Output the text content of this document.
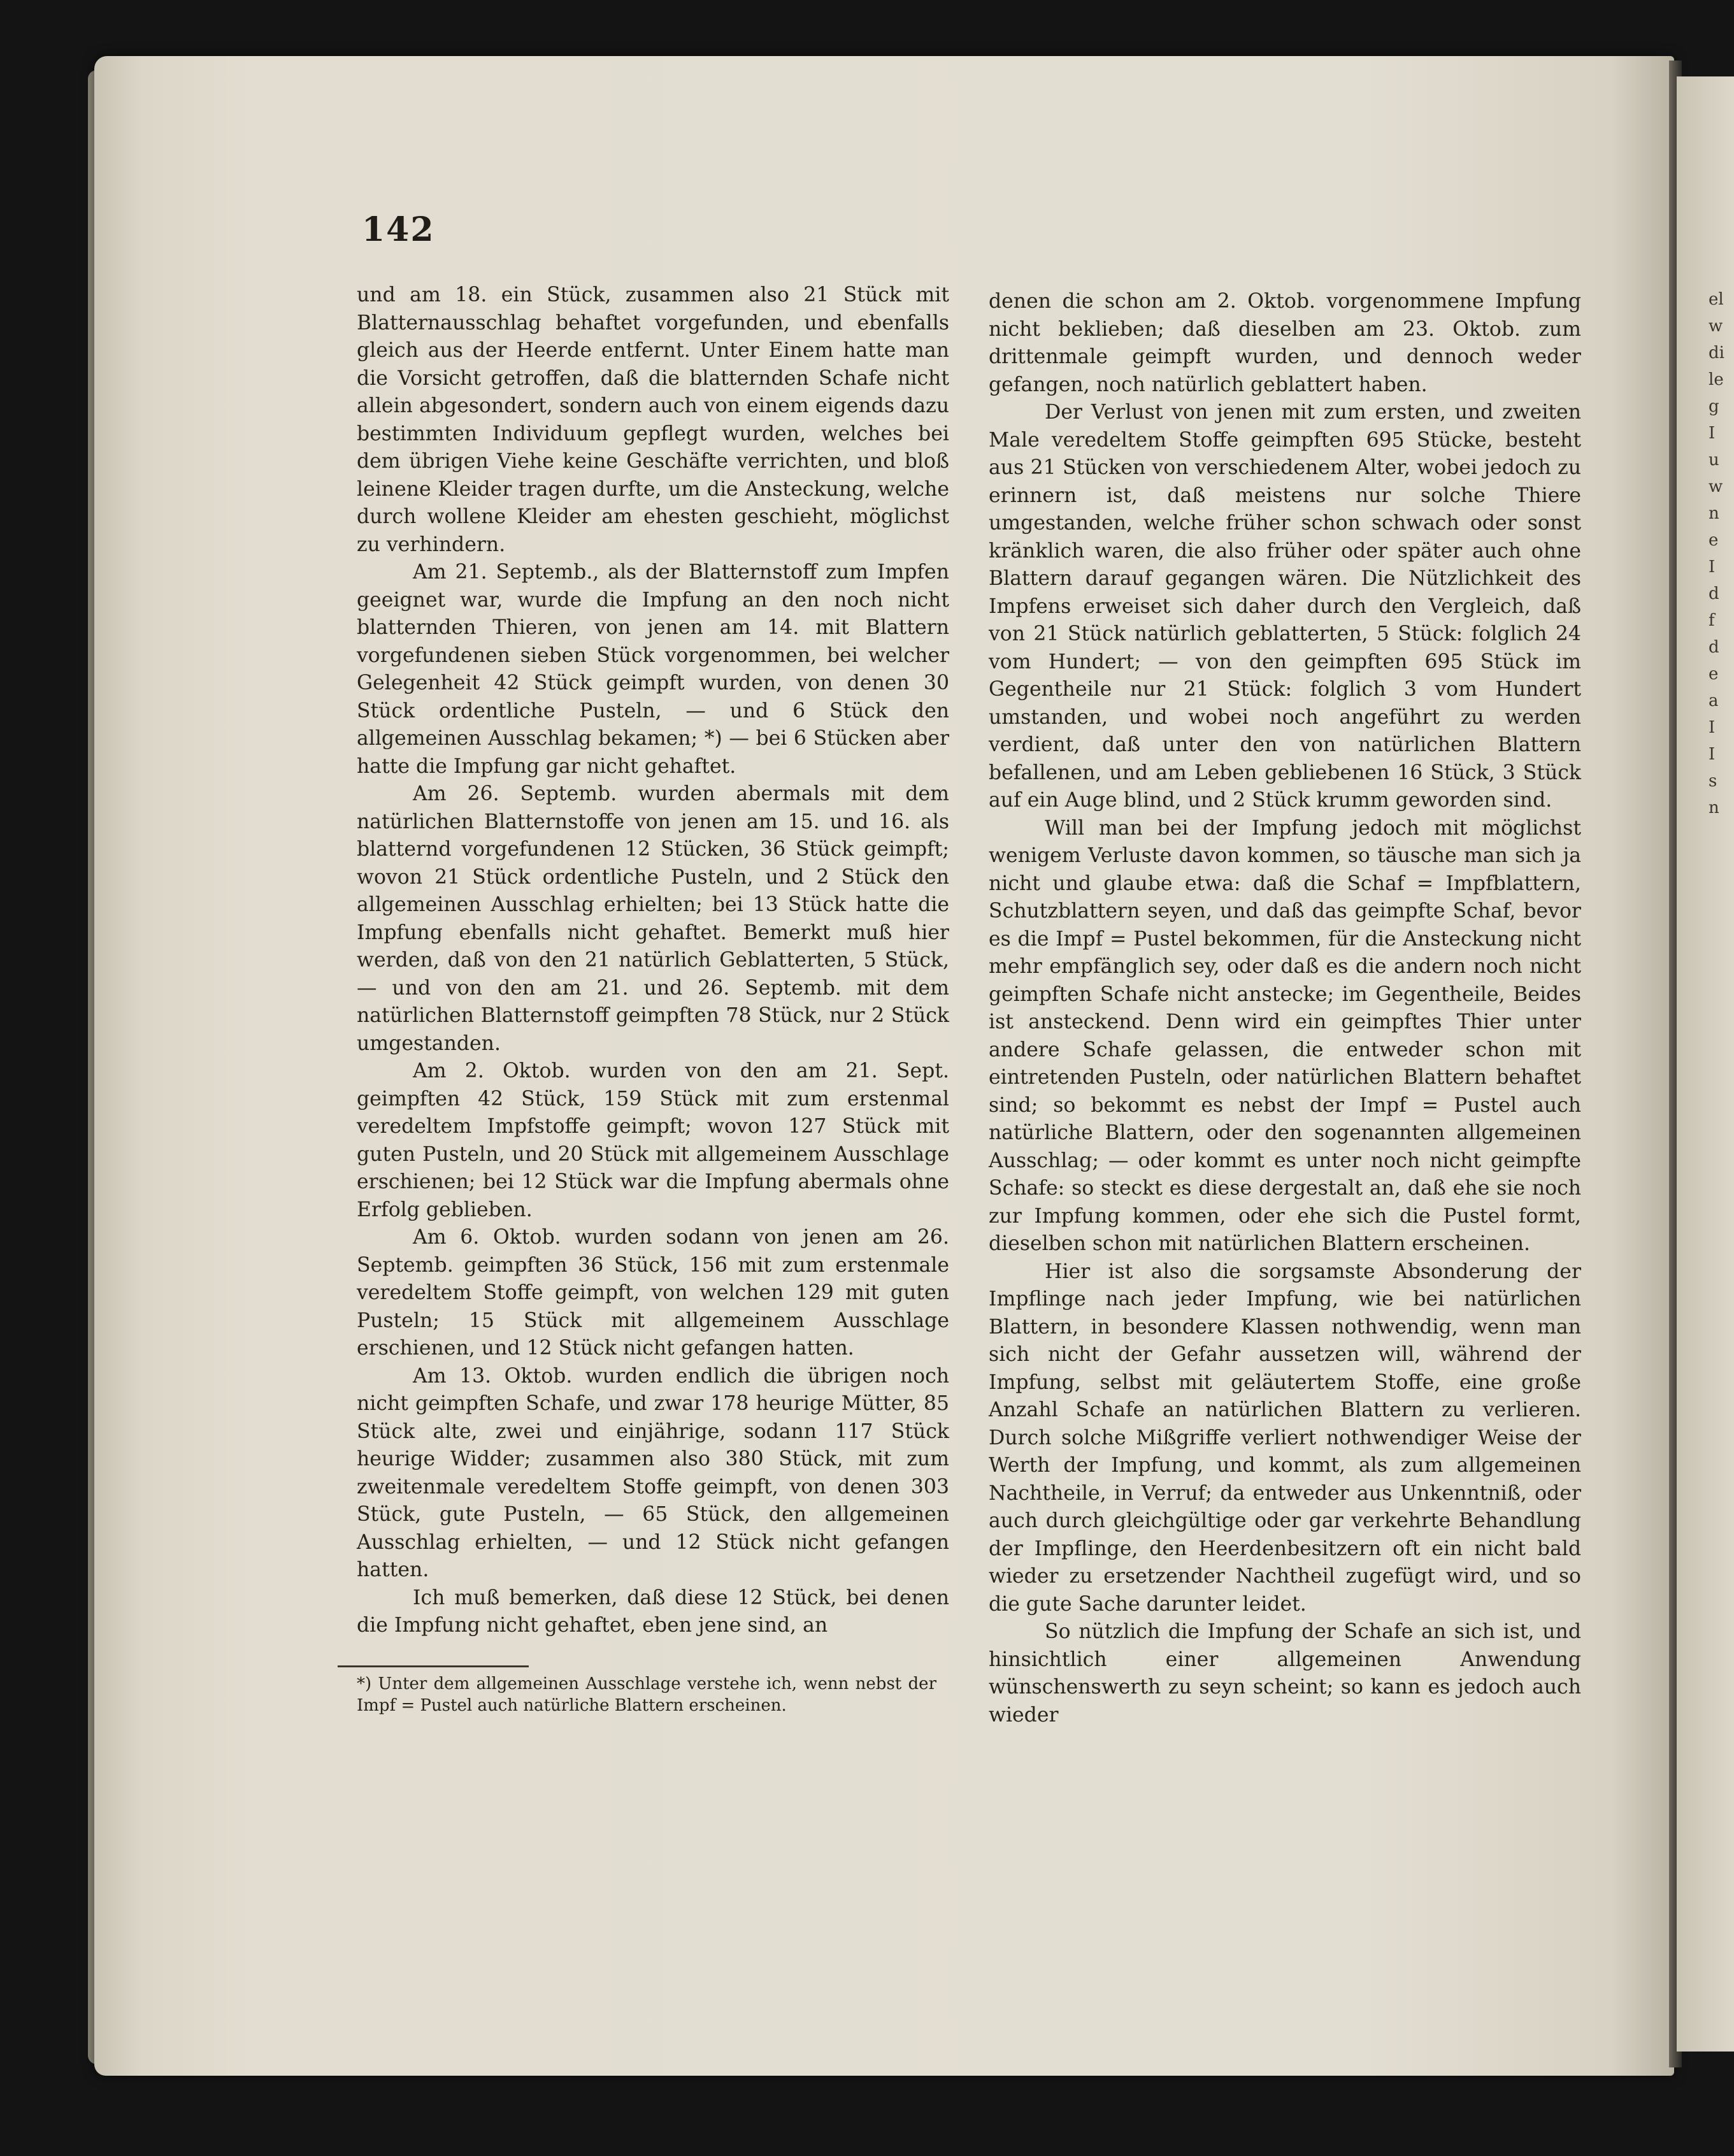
el
w
di
le
g
I
u
w
n
e
I
d
f
d
e
a
I
I
s
n
142

und am 18. ein Stück, zusammen also 21 Stück mit Blatternausschlag behaftet vorgefunden, und ebenfalls gleich aus der Heerde entfernt. Unter Einem hatte man die Vorsicht getroffen, daß die blatternden Schafe nicht allein abgesondert, sondern auch von einem eigends dazu bestimmten Individuum gepflegt wurden, welches bei dem übrigen Viehe keine Geschäfte verrichten, und bloß leinene Kleider tragen durfte, um die Ansteckung, welche durch wollene Kleider am ehesten geschieht, möglichst zu verhindern.

Am 21. Septemb., als der Blatternstoff zum Impfen geeignet war, wurde die Impfung an den noch nicht blatternden Thieren, von jenen am 14. mit Blattern vorgefundenen sieben Stück vorgenommen, bei welcher Gelegenheit 42 Stück geimpft wurden, von denen 30 Stück ordentliche Pusteln, — und 6 Stück den allgemeinen Ausschlag bekamen; *) — bei 6 Stücken aber hatte die Impfung gar nicht gehaftet.

Am 26. Septemb. wurden abermals mit dem natürlichen Blatternstoffe von jenen am 15. und 16. als blatternd vorgefundenen 12 Stücken, 36 Stück geimpft; wovon 21 Stück ordentliche Pusteln, und 2 Stück den allgemeinen Ausschlag erhielten; bei 13 Stück hatte die Impfung ebenfalls nicht gehaftet. Bemerkt muß hier werden, daß von den 21 natürlich Geblatterten, 5 Stück, — und von den am 21. und 26. Septemb. mit dem natürlichen Blatternstoff geimpften 78 Stück, nur 2 Stück umgestanden.

Am 2. Oktob. wurden von den am 21. Sept. geimpften 42 Stück, 159 Stück mit zum erstenmal veredeltem Impfstoffe geimpft; wovon 127 Stück mit guten Pusteln, und 20 Stück mit allgemeinem Ausschlage erschienen; bei 12 Stück war die Impfung abermals ohne Erfolg geblieben.

Am 6. Oktob. wurden sodann von jenen am 26. Septemb. geimpften 36 Stück, 156 mit zum erstenmale veredeltem Stoffe geimpft, von welchen 129 mit guten Pusteln; 15 Stück mit allgemeinem Ausschlage erschienen, und 12 Stück nicht gefangen hatten.

Am 13. Oktob. wurden endlich die übrigen noch nicht geimpften Schafe, und zwar 178 heurige Mütter, 85 Stück alte, zwei und einjährige, sodann 117 Stück heurige Widder; zusammen also 380 Stück, mit zum zweitenmale veredeltem Stoffe geimpft, von denen 303 Stück, gute Pusteln, — 65 Stück, den allgemeinen Ausschlag erhielten, — und 12 Stück nicht gefangen hatten.

Ich muß bemerken, daß diese 12 Stück, bei denen die Impfung nicht gehaftet, eben jene sind, an

*) Unter dem allgemeinen Ausschlage verstehe ich, wenn nebst der Impf = Pustel auch natürliche Blattern erscheinen.

denen die schon am 2. Oktob. vorgenommene Impfung nicht beklieben; daß dieselben am 23. Oktob. zum drittenmale geimpft wurden, und dennoch weder gefangen, noch natürlich geblattert haben.

Der Verlust von jenen mit zum ersten, und zweiten Male veredeltem Stoffe geimpften 695 Stücke, besteht aus 21 Stücken von verschiedenem Alter, wobei jedoch zu erinnern ist, daß meistens nur solche Thiere umgestanden, welche früher schon schwach oder sonst kränklich waren, die also früher oder später auch ohne Blattern darauf gegangen wären. Die Nützlichkeit des Impfens erweiset sich daher durch den Vergleich, daß von 21 Stück natürlich geblatterten, 5 Stück: folglich 24 vom Hundert; — von den geimpften 695 Stück im Gegentheile nur 21 Stück: folglich 3 vom Hundert umstanden, und wobei noch angeführt zu werden verdient, daß unter den von natürlichen Blattern befallenen, und am Leben gebliebenen 16 Stück, 3 Stück auf ein Auge blind, und 2 Stück krumm geworden sind.

Will man bei der Impfung jedoch mit möglichst wenigem Verluste davon kommen, so täusche man sich ja nicht und glaube etwa: daß die Schaf = Impfblattern, Schutzblattern seyen, und daß das geimpfte Schaf, bevor es die Impf = Pustel bekommen, für die Ansteckung nicht mehr empfänglich sey, oder daß es die andern noch nicht geimpften Schafe nicht anstecke; im Gegentheile, Beides ist ansteckend. Denn wird ein geimpftes Thier unter andere Schafe gelassen, die entweder schon mit eintretenden Pusteln, oder natürlichen Blattern behaftet sind; so bekommt es nebst der Impf = Pustel auch natürliche Blattern, oder den sogenannten allgemeinen Ausschlag; — oder kommt es unter noch nicht geimpfte Schafe: so steckt es diese dergestalt an, daß ehe sie noch zur Impfung kommen, oder ehe sich die Pustel formt, dieselben schon mit natürlichen Blattern erscheinen.

Hier ist also die sorgsamste Absonderung der Impflinge nach jeder Impfung, wie bei natürlichen Blattern, in besondere Klassen nothwendig, wenn man sich nicht der Gefahr aussetzen will, während der Impfung, selbst mit geläutertem Stoffe, eine große Anzahl Schafe an natürlichen Blattern zu verlieren. Durch solche Mißgriffe verliert nothwendiger Weise der Werth der Impfung, und kommt, als zum allgemeinen Nachtheile, in Verruf; da entweder aus Unkenntniß, oder auch durch gleichgültige oder gar verkehrte Behandlung der Impflinge, den Heerdenbesitzern oft ein nicht bald wieder zu ersetzender Nachtheil zugefügt wird, und so die gute Sache darunter leidet.

So nützlich die Impfung der Schafe an sich ist, und hinsichtlich einer allgemeinen Anwendung wünschenswerth zu seyn scheint; so kann es jedoch auch wieder
